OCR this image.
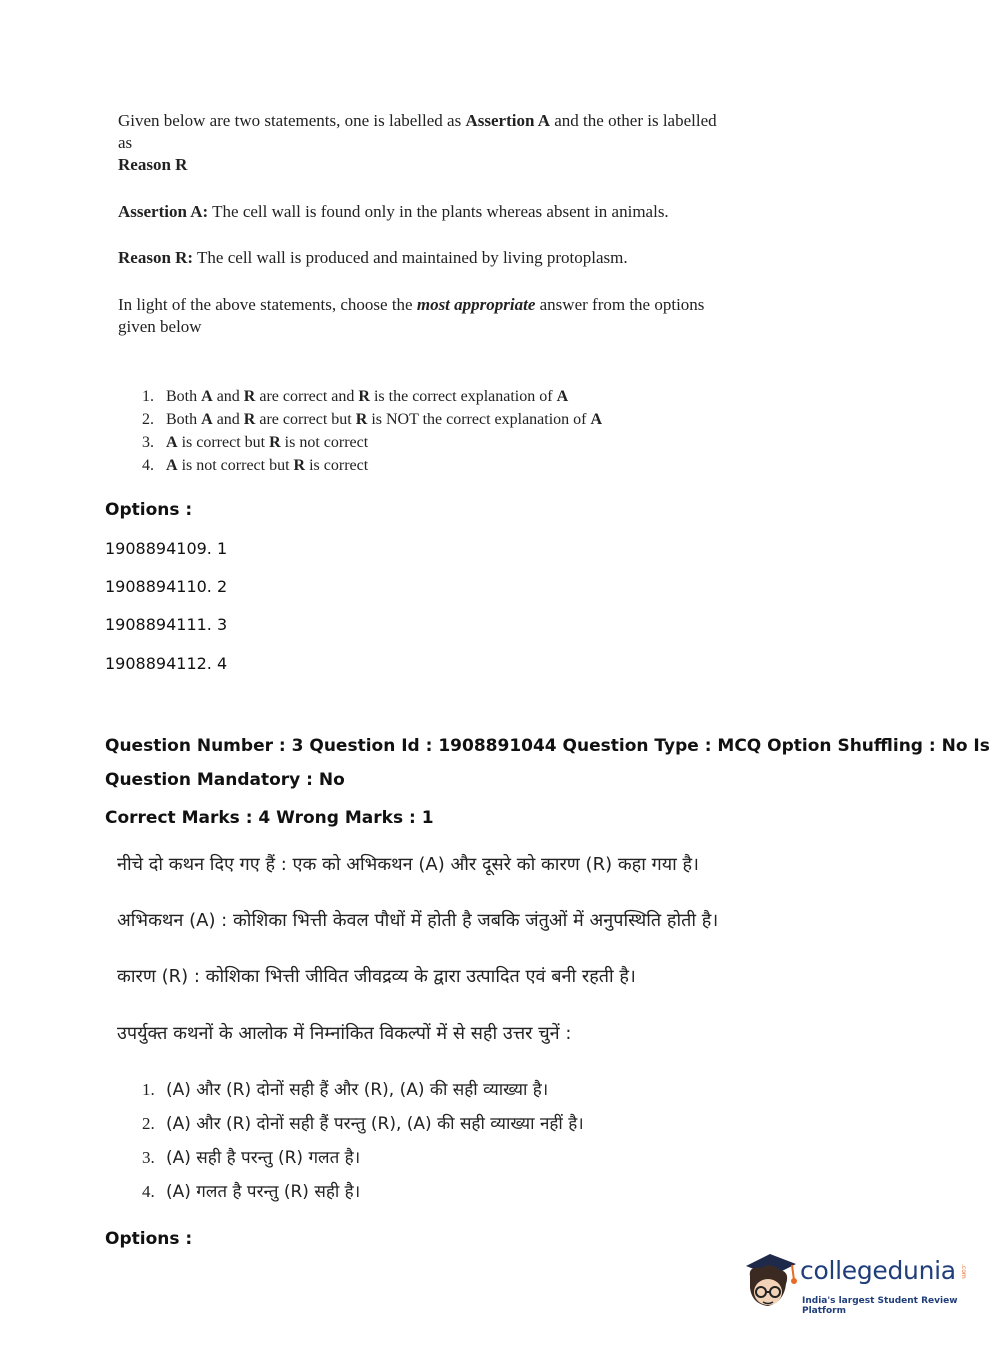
Given below are two statements, one is labelled as Assertion A and the other is labelled as
Reason R

Assertion A: The cell wall is found only in the plants whereas absent in animals.

Reason R: The cell wall is produced and maintained by living protoplasm.

In light of the above statements, choose the most appropriate answer from the options given below

1. Both A and R are correct and R is the correct explanation of A
2. Both A and R are correct but R is NOT the correct explanation of A
3. A is correct but R is not correct
4. A is not correct but R is correct
Options :
1908894109. 1
1908894110. 2
1908894111. 3
1908894112. 4
Question Number : 3 Question Id : 1908891044 Question Type : MCQ Option Shuffling : No Is
Question Mandatory : No
Correct Marks : 4 Wrong Marks : 1

नीचे दो कथन दिए गए हैं : एक को अभिकथन (A) और दूसरे को कारण (R) कहा गया है।

अभिकथन (A) : कोशिका भित्ती केवल पौधों में होती है जबकि जंतुओं में अनुपस्थिति होती है।

कारण (R) : कोशिका भित्ती जीवित जीवद्रव्य के द्वारा उत्पादित एवं बनी रहती है।

उपर्युक्त कथनों के आलोक में निम्नांकित विकल्पों में से सही उत्तर चुनें :

1. (A) और (R) दोनों सही हैं और (R), (A) की सही व्याख्या है।
2. (A) और (R) दोनों सही हैं परन्तु (R), (A) की सही व्याख्या नहीं है।
3. (A) सही है परन्तु (R) गलत है।
4. (A) गलत है परन्तु (R) सही है।
Options :
collegedunia .com
India's largest Student Review Platform
